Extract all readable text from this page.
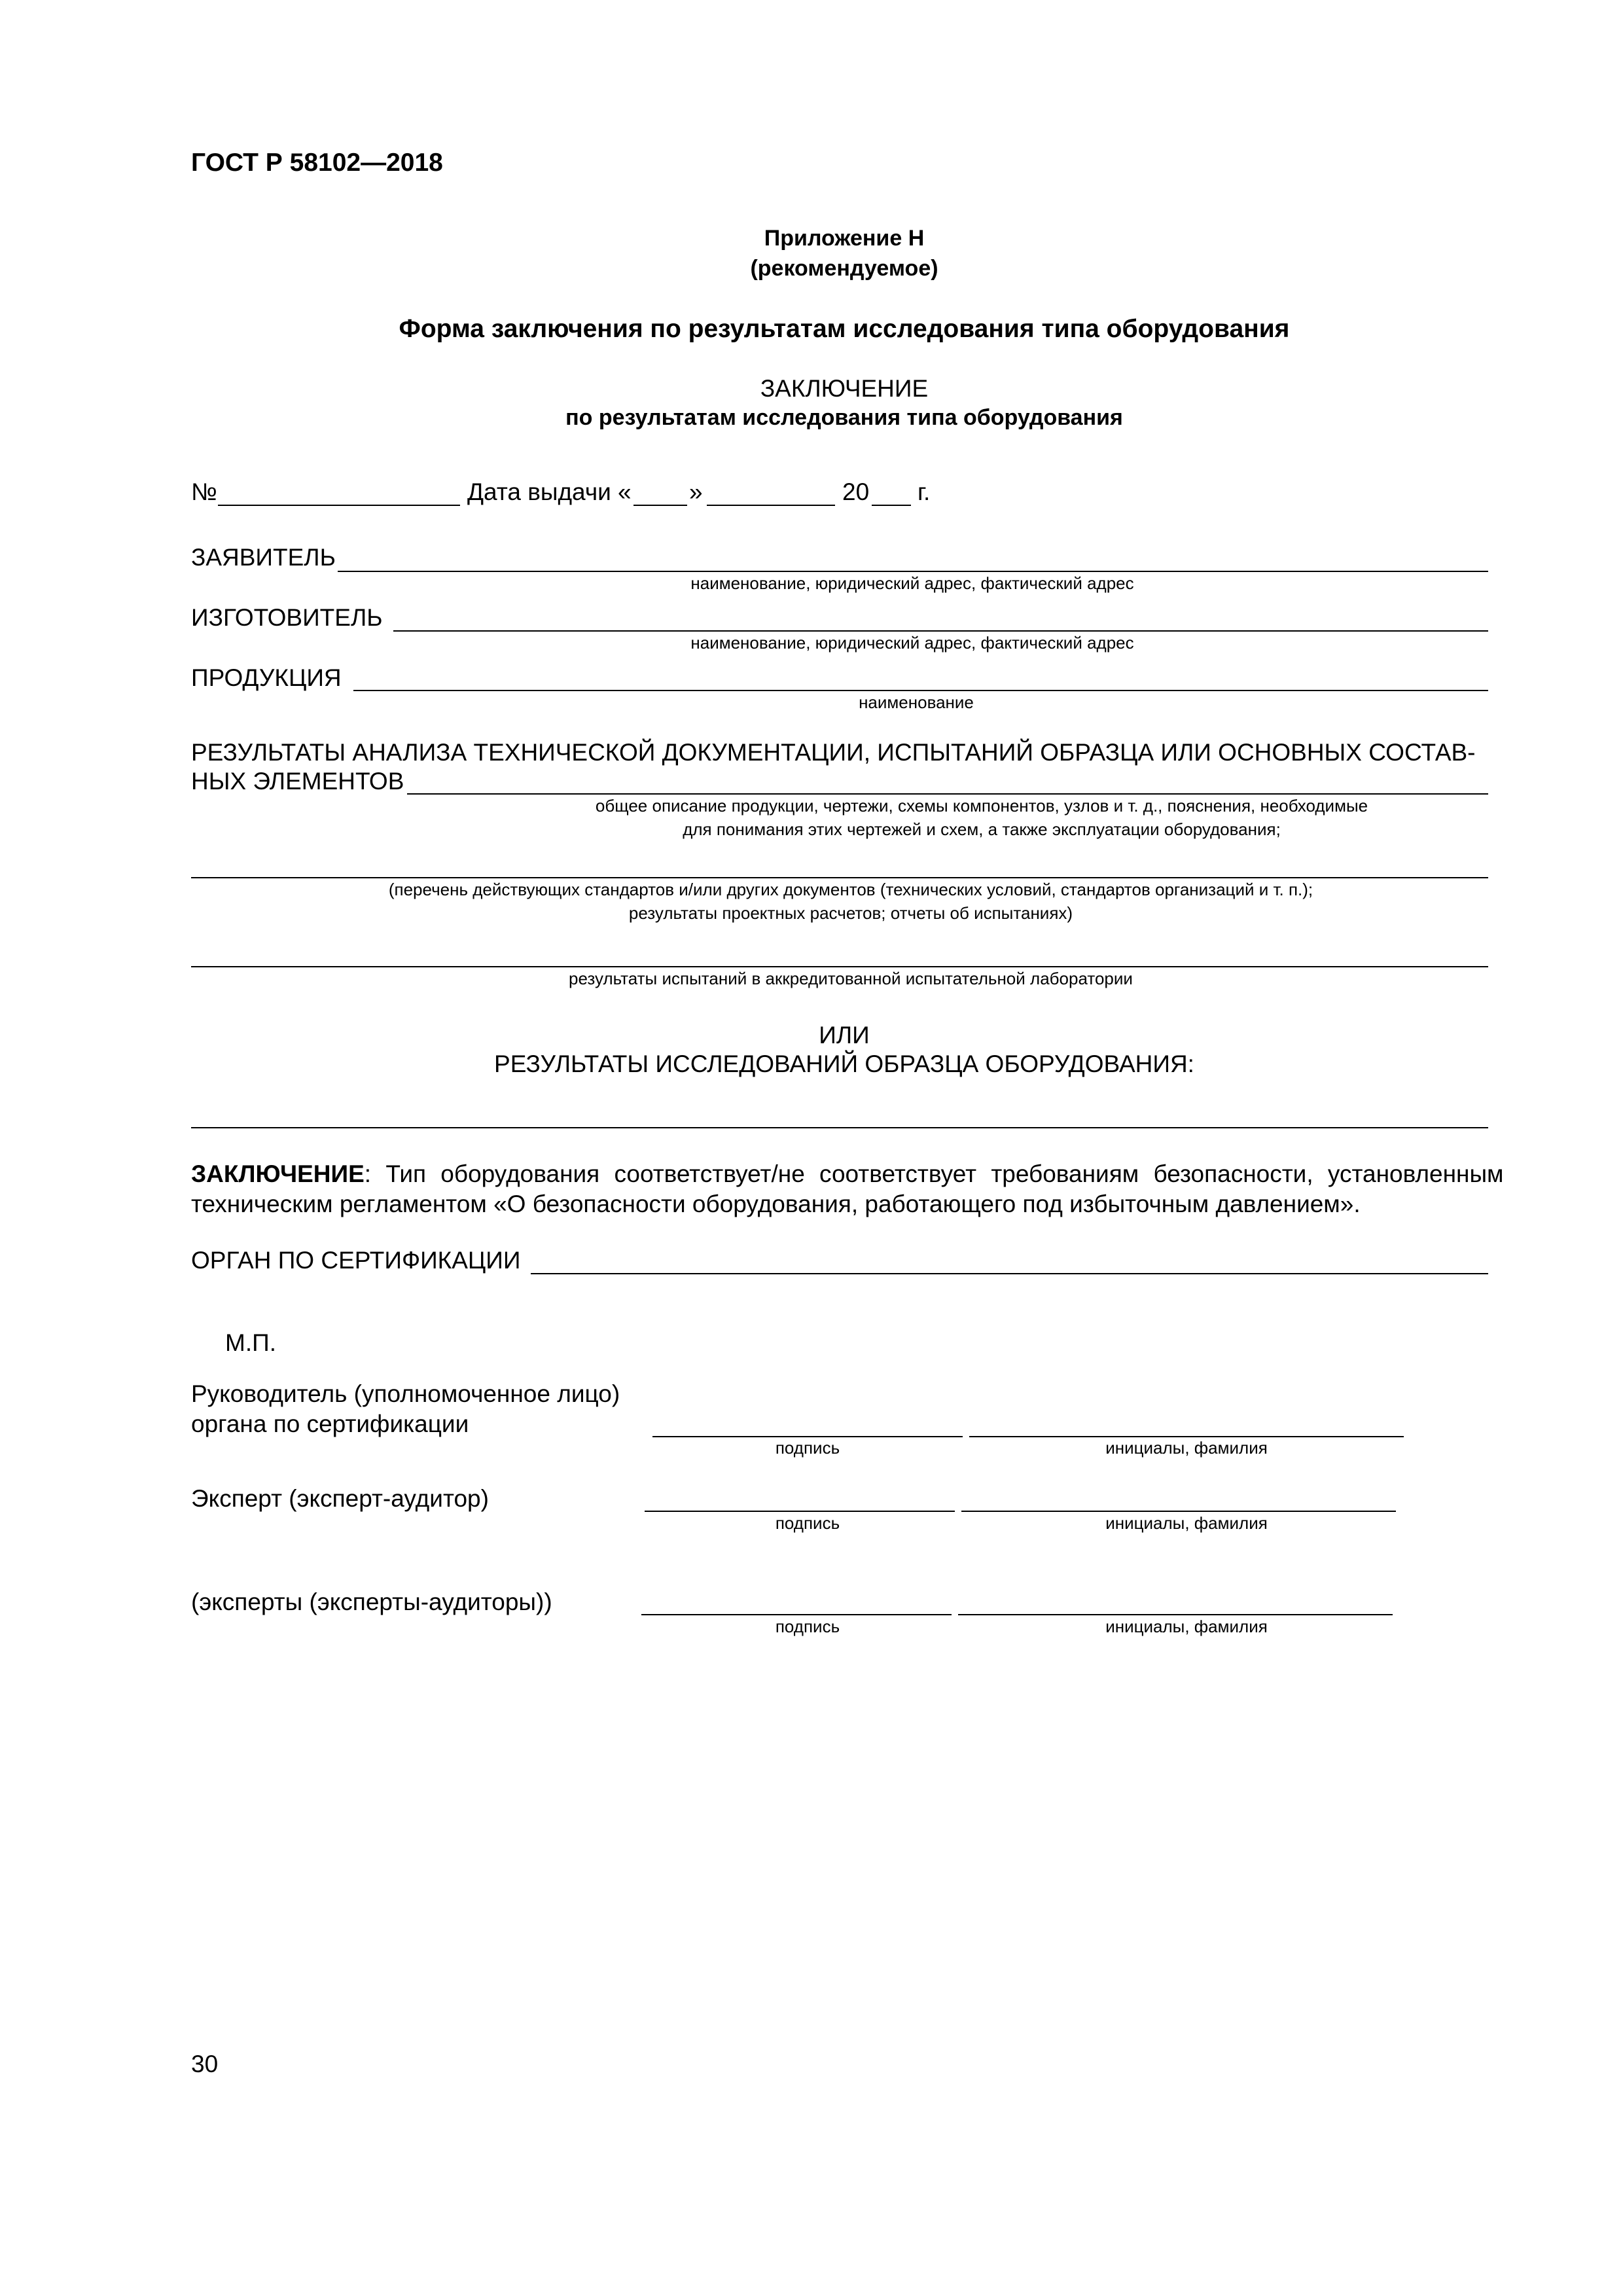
ГОСТ Р 58102—2018
Приложение Н
(рекомендуемое)
Форма заключения по результатам исследования типа оборудования
ЗАКЛЮЧЕНИЕ
по результатам исследования типа оборудования
№	Дата выдачи « »	20 г.
ЗАЯВИТЕЛЬ
наименование, юридический адрес, фактический адрес
ИЗГОТОВИТЕЛЬ
наименование, юридический адрес, фактический адрес
ПРОДУКЦИЯ
наименование
РЕЗУЛЬТАТЫ АНАЛИЗА ТЕХНИЧЕСКОЙ ДОКУМЕНТАЦИИ, ИСПЫТАНИЙ ОБРАЗЦА ИЛИ ОСНОВНЫХ СОСТАВ-
НЫХ ЭЛЕМЕНТОВ
общее описание продукции, чертежи, схемы компонентов, узлов и т. д., пояснения, необходимые
для понимания этих чертежей и схем, а также эксплуатации оборудования;
(перечень действующих стандартов и/или других документов (технических условий, стандартов организаций и т. п.);
результаты проектных расчетов; отчеты об испытаниях)
результаты испытаний в аккредитованной испытательной лаборатории
ИЛИ
РЕЗУЛЬТАТЫ ИССЛЕДОВАНИЙ ОБРАЗЦА ОБОРУДОВАНИЯ:
ЗАКЛЮЧЕНИЕ: Тип оборудования соответствует/не соответствует требованиям безопасности, установленным
техническим регламентом «О безопасности оборудования, работающего под избыточным давлением».
ОРГАН ПО СЕРТИФИКАЦИИ
М.П.
Руководитель (уполномоченное лицо)
органа по сертификации
подпись	инициалы, фамилия
Эксперт (эксперт-аудитор)
подпись	инициалы, фамилия
(эксперты (эксперты-аудиторы))
подпись	инициалы, фамилия
30
